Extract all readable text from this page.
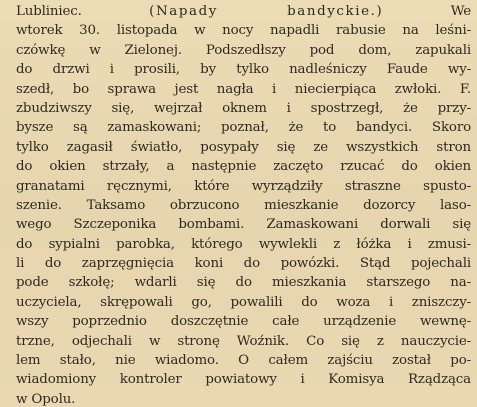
Lubliniec.	(Napady bandyckie.)	We
wtorek 30. listopada w nocy napadli rabusie na leśni-
czówkę w Zielonej. Podszedłszy pod dom, zapukali
do drzwi i prosili, by tylko nadleśniczy Faude wy-
szedł, bo sprawa jest nagła i niecierpiąca zwłoki. F.
zbudziwszy się, wejrzał oknem i spostrzegł, że przy-
bysze są zamaskowani; poznał, że to bandyci. Skoro
tylko zagasił światło, posypały się ze wszystkich stron
do okien strzały, a następnie zaczęto rzucać do okien
granatami ręcznymi, które wyrządziły straszne spusto-
szenie. Taksamo obrzucono mieszkanie dozorcy laso-
wego Szczeponika bombami. Zamaskowani dorwali się
do sypialni parobka, którego wywlekli z łóżka i zmusi-
li do zaprzęgnięcia koni do powózki. Stąd pojechali
pode szkołę; wdarli się do mieszkania starszego na-
uczyciela, skrępowali go, powalili do woza i zniszczy-
wszy poprzednio doszczętnie całe urządzenie wewnę-
trzne, odjechali w stronę Woźnik. Co się z nauczycie-
lem stało, nie wiadomo. O całem zajściu został po-
wiadomiony kontroler powiatowy i Komisya Rządząca
w Opolu.
